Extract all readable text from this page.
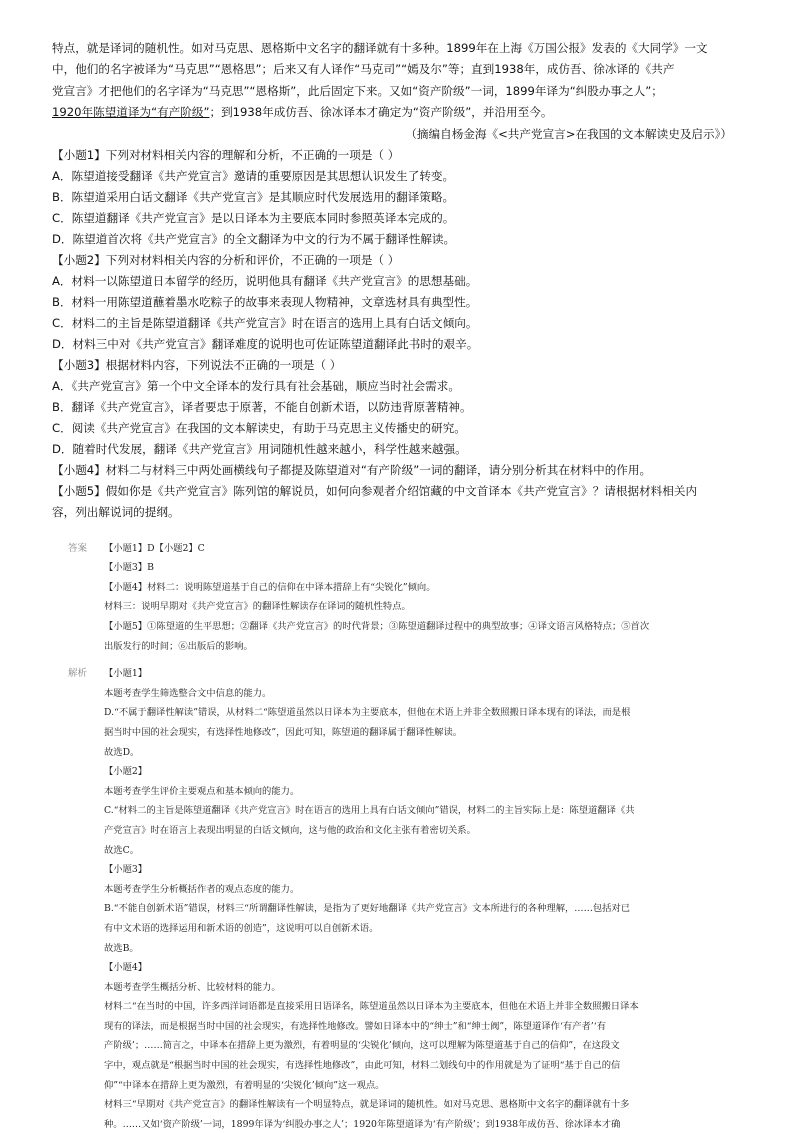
特点，就是译词的随机性。如对马克思、恩格斯中文名字的翻译就有十多种。1899年在上海《万国公报》发表的《大同学》一文

中，他们的名字被译为“马克思”“恩格思”；后来又有人译作“马克司”“嫣及尔”等；直到1938年，成仿吾、徐冰译的《共产

党宣言》才把他们的名字译为“马克思”“恩格斯”，此后固定下来。又如“资产阶级”一词，1899年译为“纠股办事之人”；

1920年陈望道译为“有产阶级”；到1938年成仿吾、徐冰译本才确定为“资产阶级”，并沿用至今。

（摘编自杨金海《<共产党宣言>在我国的文本解读史及启示》）

【小题1】下列对材料相关内容的理解和分析，不正确的一项是（ ）

A．陈望道接受翻译《共产党宣言》邀请的重要原因是其思想认识发生了转变。

B．陈望道采用白话文翻译《共产党宣言》是其顺应时代发展选用的翻译策略。

C．陈望道翻译《共产党宣言》是以日译本为主要底本同时参照英译本完成的。

D．陈望道首次将《共产党宣言》的全文翻译为中文的行为不属于翻译性解读。

【小题2】下列对材料相关内容的分析和评价，不正确的一项是（ ）

A．材料一以陈望道日本留学的经历，说明他具有翻译《共产党宣言》的思想基础。

B．材料一用陈望道蘸着墨水吃粽子的故事来表现人物精神，文章选材具有典型性。

C．材料二的主旨是陈望道翻译《共产党宣言》时在语言的选用上具有白话文倾向。

D．材料三中对《共产党宣言》翻译难度的说明也可佐证陈望道翻译此书时的艰辛。

【小题3】根据材料内容，下列说法不正确的一项是（ ）

A．《共产党宣言》第一个中文全译本的发行具有社会基础，顺应当时社会需求。

B．翻译《共产党宣言》，译者要忠于原著，不能自创新术语，以防违背原著精神。

C．阅读《共产党宣言》在我国的文本解读史，有助于马克思主义传播史的研究。

D．随着时代发展，翻译《共产党宣言》用词随机性越来越小，科学性越来越强。

【小题4】材料二与材料三中两处画横线句子都提及陈望道对“有产阶级”一词的翻译，请分别分析其在材料中的作用。

【小题5】假如你是《共产党宣言》陈列馆的解说员，如何向参观者介绍馆藏的中文首译本《共产党宣言》？请根据材料相关内

容，列出解说词的提纲。

答案	【小题1】D【小题2】C

【小题3】B

【小题4】材料二：说明陈望道基于自己的信仰在中译本措辞上有“尖锐化”倾向。

材料三：说明早期对《共产党宣言》的翻译性解读存在译词的随机性特点。

【小题5】①陈望道的生平思想；②翻译《共产党宣言》的时代背景；③陈望道翻译过程中的典型故事；④译文语言风格特点；⑤首次

出版发行的时间；⑥出版后的影响。

解析	【小题1】

本题考查学生筛选整合文中信息的能力。

D.“不属于翻译性解读”错误，从材料二“陈望道虽然以日译本为主要底本，但他在术语上并非全数照搬日译本现有的译法，而是根

据当时中国的社会现实，有选择性地修改”，因此可知，陈望道的翻译属于翻译性解读。

故选D。

【小题2】

本题考查学生评价主要观点和基本倾向的能力。

C.“材料二的主旨是陈望道翻译《共产党宣言》时在语言的选用上具有白话文倾向”错误，材料二的主旨实际上是：陈望道翻译《共

产党宣言》时在语言上表现出明显的白话文倾向，这与他的政治和文化主张有着密切关系。

故选C。

【小题3】

本题考查学生分析概括作者的观点态度的能力。

B.“不能自创新术语”错误，材料三“所谓翻译性解读，是指为了更好地翻译《共产党宣言》文本所进行的各种理解，……包括对已

有中文术语的选择运用和新术语的创造”，这说明可以自创新术语。

故选B。

【小题4】

本题考查学生概括分析、比较材料的能力。

材料二“在当时的中国，许多西洋词语都是直接采用日语译名，陈望道虽然以日译本为主要底本，但他在术语上并非全数照搬日译本

现有的译法，而是根据当时中国的社会现实，有选择性地修改。譬如日译本中的“绅士”和“绅士阀”，陈望道译作‘有产者’‘有

产阶级’；……简言之，中译本在措辞上更为激烈，有着明显的‘尖锐化’倾向，这可以理解为陈望道基于自己的信仰”，在这段文

字中，观点就是“根据当时中国的社会现实，有选择性地修改”，由此可知，材料二划线句中的作用就是为了证明“基于自己的信

仰”“中译本在措辞上更为激烈，有着明显的‘尖锐化’倾向”这一观点。

材料三“早期对《共产党宣言》的翻译性解读有一个明显特点，就是译词的随机性。如对马克思、恩格斯中文名字的翻译就有十多

种。……又如‘资产阶级’一词，1899年译为‘纠股办事之人’；1920年陈望道译为‘有产阶级’；到1938年成仿吾、徐冰译本才确
